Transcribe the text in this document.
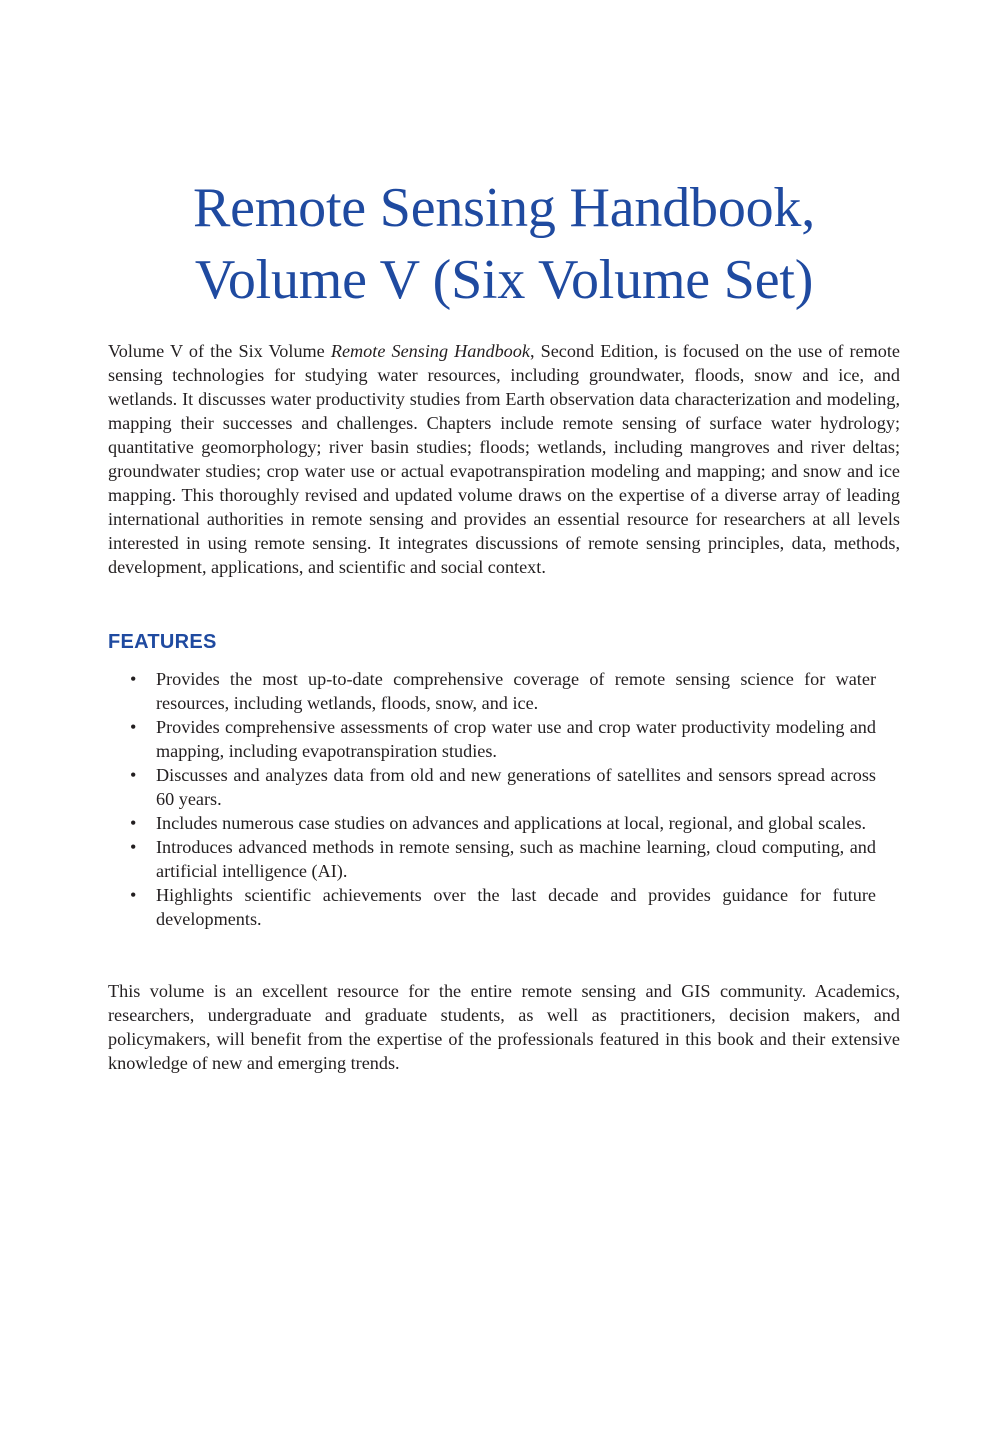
Remote Sensing Handbook,
Volume V (Six Volume Set)

Volume V of the Six Volume Remote Sensing Handbook, Second Edition, is focused on the use of remote sensing technologies for studying water resources, including groundwater, floods, snow and ice, and wetlands. It discusses water productivity studies from Earth observation data characterization and modeling, mapping their successes and challenges. Chapters include remote sensing of surface water hydrology; quantitative geomorphology; river basin studies; floods; wetlands, including mangroves and river deltas; groundwater studies; crop water use or actual evapotranspiration modeling and mapping; and snow and ice mapping. This thoroughly revised and updated volume draws on the expertise of a diverse array of leading international authorities in remote sensing and provides an essential resource for researchers at all levels interested in using remote sensing. It integrates discussions of remote sensing principles, data, methods, development, applications, and scientific and social context.

FEATURES
•	Provides the most up-to-date comprehensive coverage of remote sensing science for water resources, including wetlands, floods, snow, and ice.
•	Provides comprehensive assessments of crop water use and crop water productivity modeling and mapping, including evapotranspiration studies.
•	Discusses and analyzes data from old and new generations of satellites and sensors spread across 60 years.
•	Includes numerous case studies on advances and applications at local, regional, and global scales.
•	Introduces advanced methods in remote sensing, such as machine learning, cloud computing, and artificial intelligence (AI).
•	Highlights scientific achievements over the last decade and provides guidance for future developments.

This volume is an excellent resource for the entire remote sensing and GIS community. Academics, researchers, undergraduate and graduate students, as well as practitioners, decision makers, and policymakers, will benefit from the expertise of the professionals featured in this book and their extensive knowledge of new and emerging trends.
